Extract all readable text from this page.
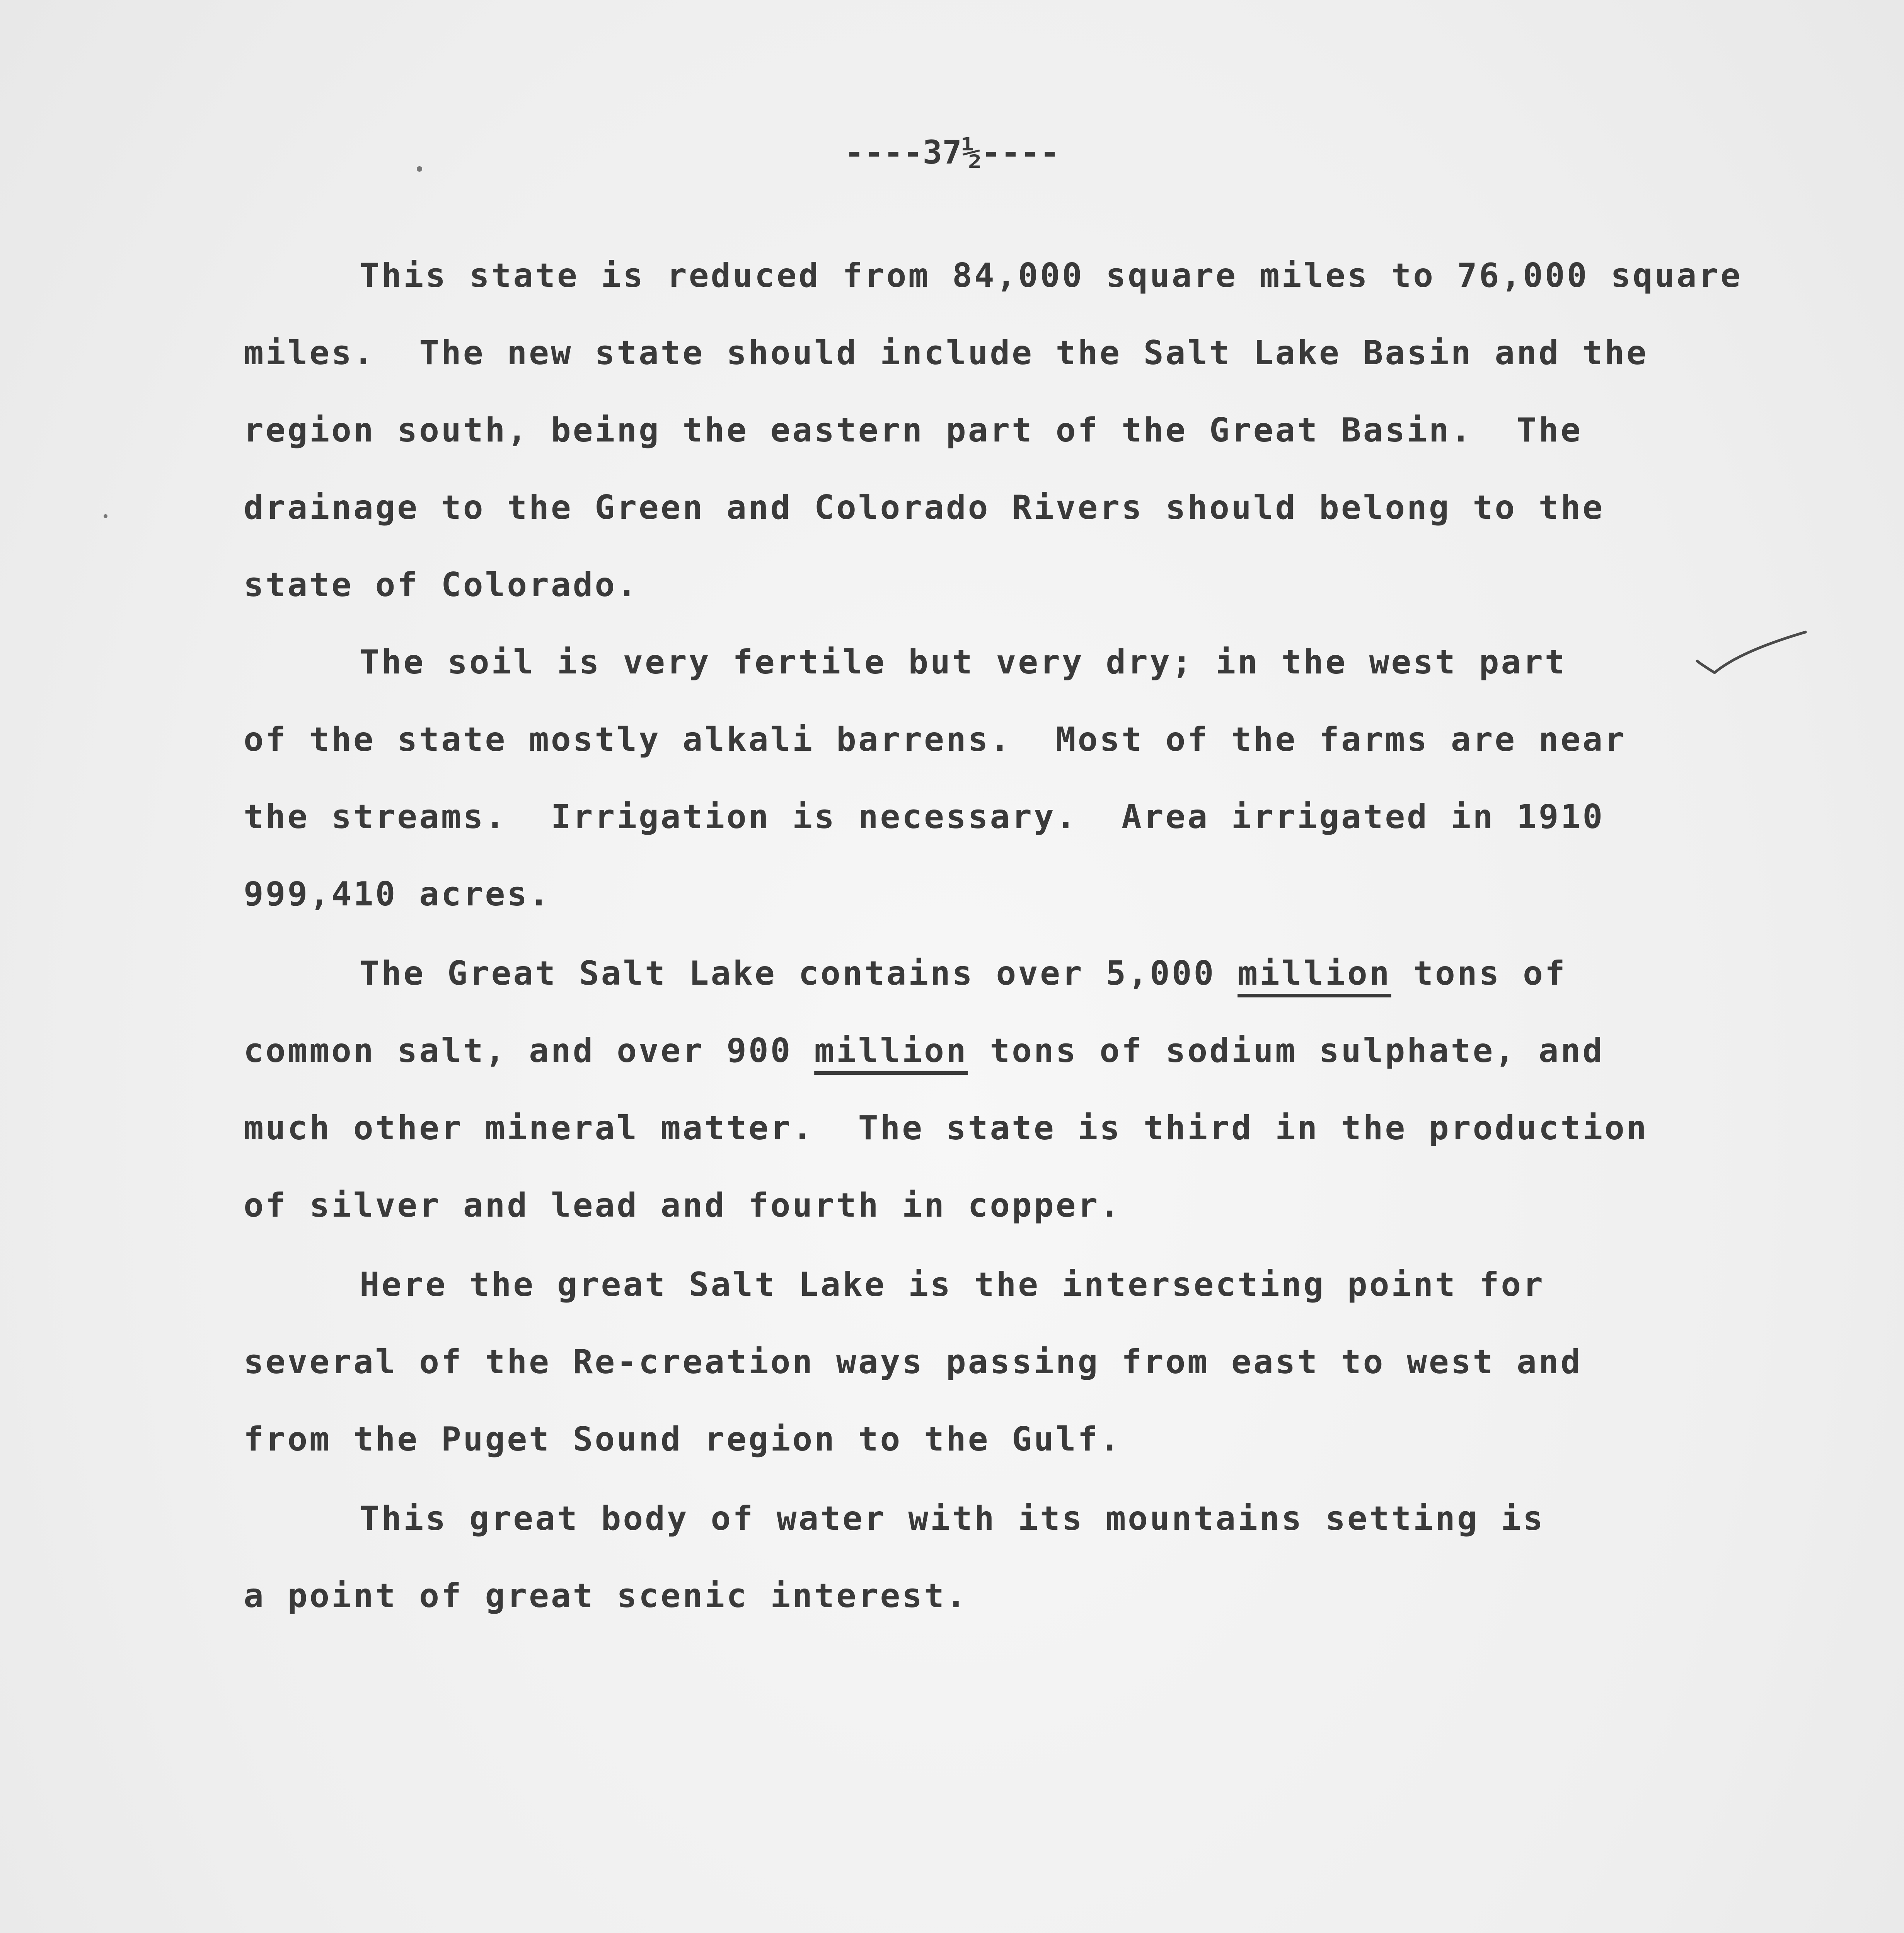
----37½----

This state is reduced from 84,000 square miles to 76,000 square

miles.  The new state should include the Salt Lake Basin and the

region south, being the eastern part of the Great Basin.  The

drainage to the Green and Colorado Rivers should belong to the

state of Colorado.

The soil is very fertile but very dry; in the west part

of the state mostly alkali barrens.  Most of the farms are near

the streams.  Irrigation is necessary.  Area irrigated in 1910

999,410 acres.

The Great Salt Lake contains over 5,000 million tons of

common salt, and over 900 million tons of sodium sulphate, and

much other mineral matter.  The state is third in the production

of silver and lead and fourth in copper.

Here the great Salt Lake is the intersecting point for

several of the Re-creation ways passing from east to west and

from the Puget Sound region to the Gulf.

This great body of water with its mountains setting is

a point of great scenic interest.
